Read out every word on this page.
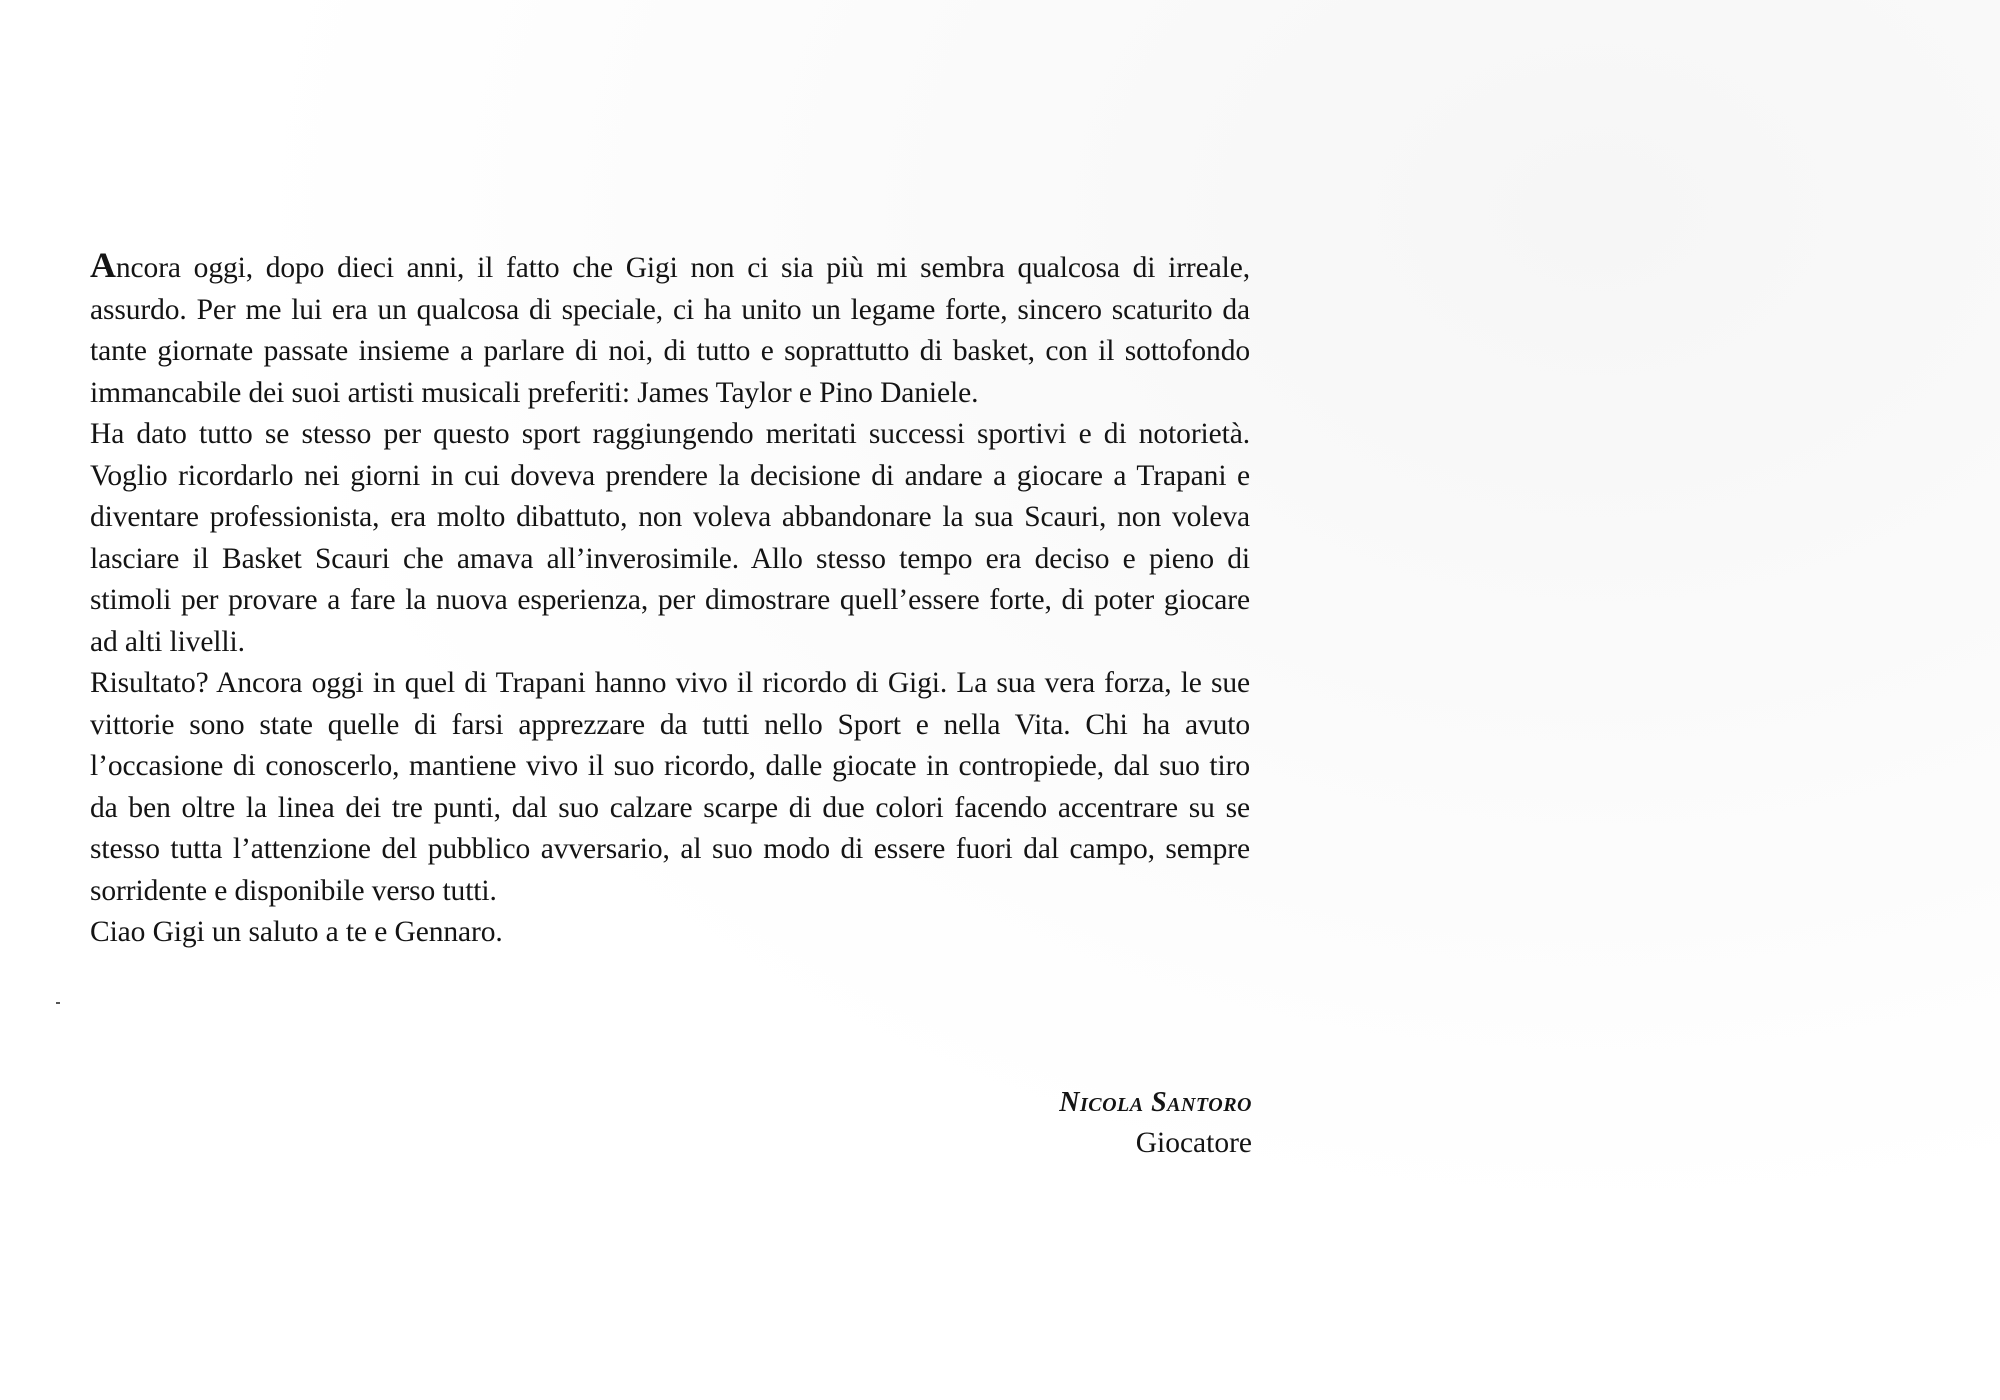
Ancora oggi, dopo dieci anni, il fatto che Gigi non ci sia più mi sembra qualcosa di irreale, assurdo. Per me lui era un qualcosa di speciale, ci ha unito un legame forte, sincero scaturito da tante giornate passate insieme a parlare di noi, di tutto e soprattutto di basket, con il sottofondo immancabile dei suoi artisti musicali preferiti: James Taylor e Pino Daniele.

Ha dato tutto se stesso per questo sport raggiungendo meritati successi sportivi e di notorietà. Voglio ricordarlo nei giorni in cui doveva prendere la decisione di andare a giocare a Trapani e diventare professionista, era molto dibattuto, non voleva abbandonare la sua Scauri, non voleva lasciare il Basket Scauri che amava all’inverosimile. Allo stesso tempo era deciso e pieno di stimoli per provare a fare la nuova esperienza, per dimostrare quell’essere forte, di poter giocare ad alti livelli.

Risultato? Ancora oggi in quel di Trapani hanno vivo il ricordo di Gigi. La sua vera forza, le sue vittorie sono state quelle di farsi apprezzare da tutti nello Sport e nella Vita. Chi ha avuto l’occasione di conoscerlo, mantiene vivo il suo ricordo, dalle giocate in contropiede, dal suo tiro da ben oltre la linea dei tre punti, dal suo calzare scarpe di due colori facendo accentrare su se stesso tutta l’attenzione del pubblico avversario, al suo modo di essere fuori dal campo, sempre sorridente e disponibile verso tutti.

Ciao Gigi un saluto a te e Gennaro.

Nicola Santoro
Giocatore
